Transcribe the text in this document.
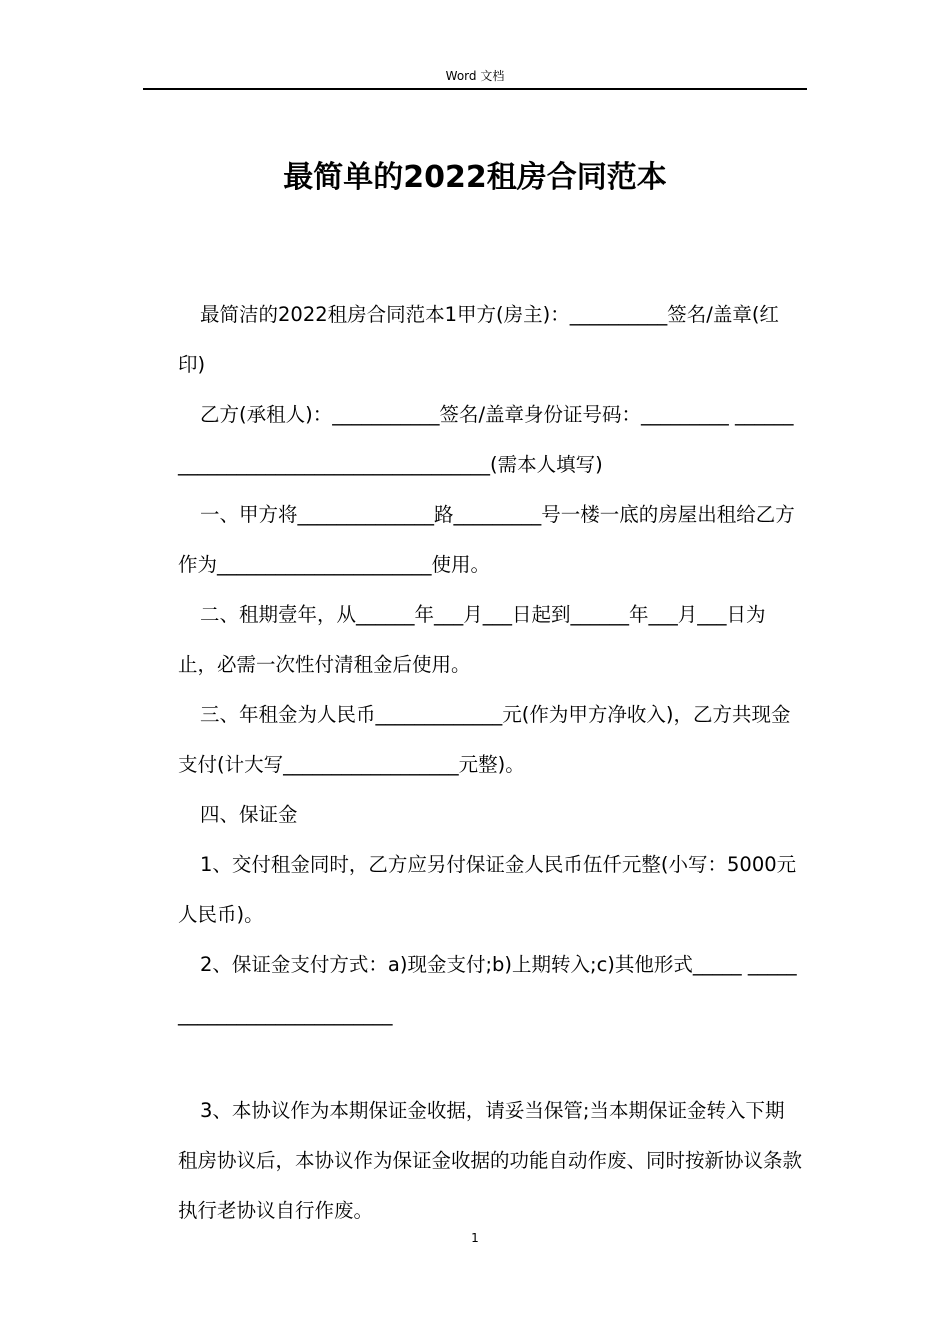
Word 文档
最简单的2022租房合同范本

最简洁的2022租房合同范本1甲方(房主)：__________签名/盖章(红印)

乙方(承租人)：___________签名/盖章身份证号码：_________ ______________________________________(需本人填写)

一、甲方将______________路_________号一楼一底的房屋出租给乙方作为______________________使用。

二、租期壹年，从______年___月___日起到______年___月___日为止，必需一次性付清租金后使用。

三、年租金为人民币_____________元(作为甲方净收入)，乙方共现金支付(计大写__________________元整)。

四、保证金

1、交付租金同时，乙方应另付保证金人民币伍仟元整(小写：5000元人民币)。

2、保证金支付方式：a)现金支付;b)上期转入;c)其他形式_____ ___________________________

3、本协议作为本期保证金收据，请妥当保管;当本期保证金转入下期租房协议后，本协议作为保证金收据的功能自动作废、同时按新协议条款执行老协议自行作废。

1
